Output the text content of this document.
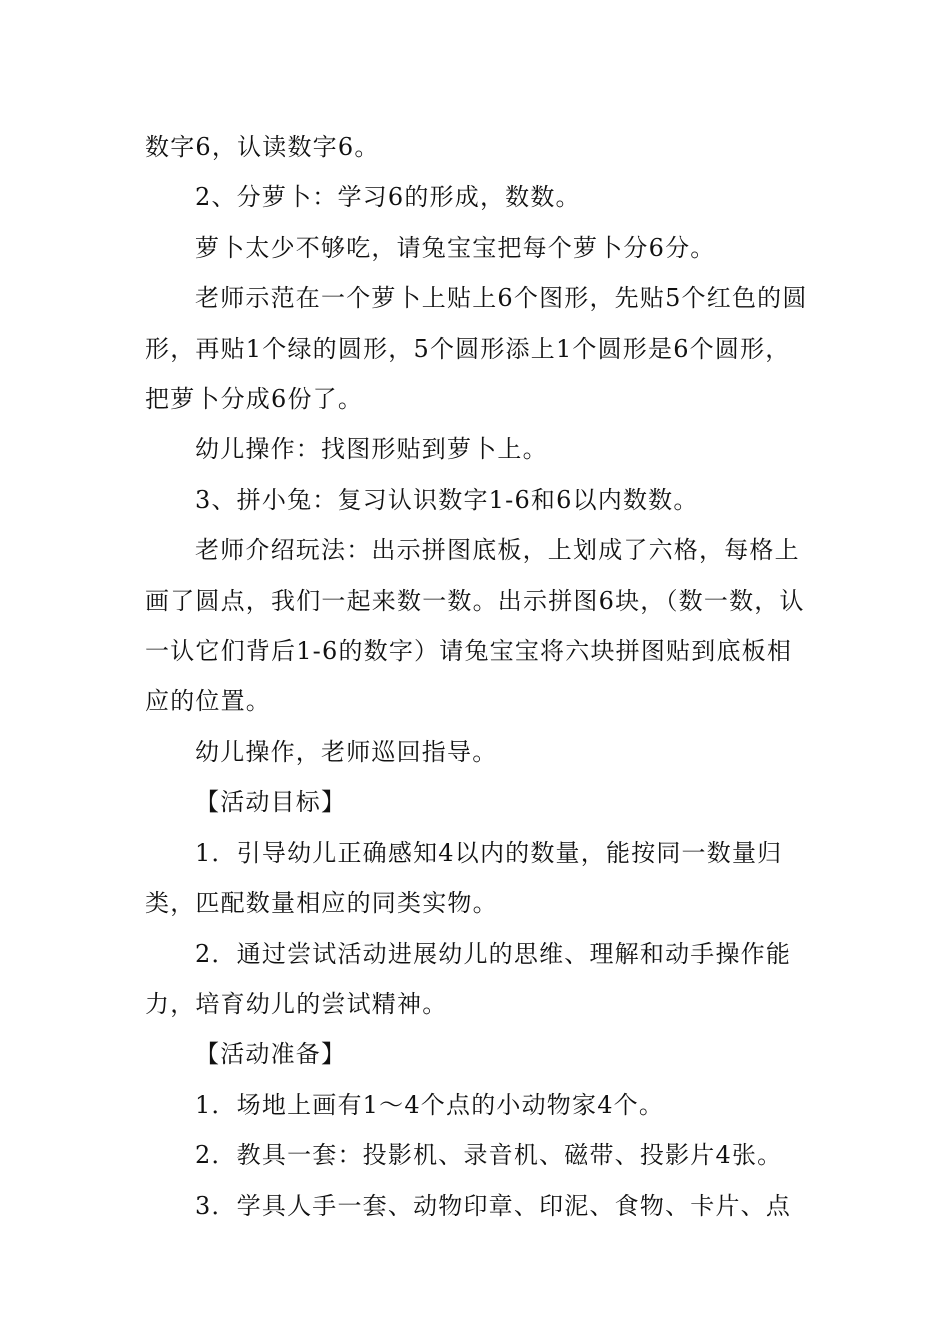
数字6，认读数字6。

2、分萝卜：学习6的形成，数数。

萝卜太少不够吃，请兔宝宝把每个萝卜分6分。

老师示范在一个萝卜上贴上6个图形，先贴5个红色的圆形，再贴1个绿的圆形，5个圆形添上1个圆形是6个圆形，把萝卜分成6份了。

幼儿操作：找图形贴到萝卜上。

3、拼小兔：复习认识数字1-6和6以内数数。

老师介绍玩法：出示拼图底板，上划成了六格，每格上画了圆点，我们一起来数一数。出示拼图6块，（数一数，认一认它们背后1-6的数字）请兔宝宝将六块拼图贴到底板相应的位置。

幼儿操作，老师巡回指导。

【活动目标】

1．引导幼儿正确感知4以内的数量，能按同一数量归类，匹配数量相应的同类实物。

2．通过尝试活动进展幼儿的思维、理解和动手操作能力，培育幼儿的尝试精神。

【活动准备】

1．场地上画有1～4个点的小动物家4个。

2．教具一套：投影机、录音机、磁带、投影片4张。

3．学具人手一套、动物印章、印泥、食物、卡片、点
